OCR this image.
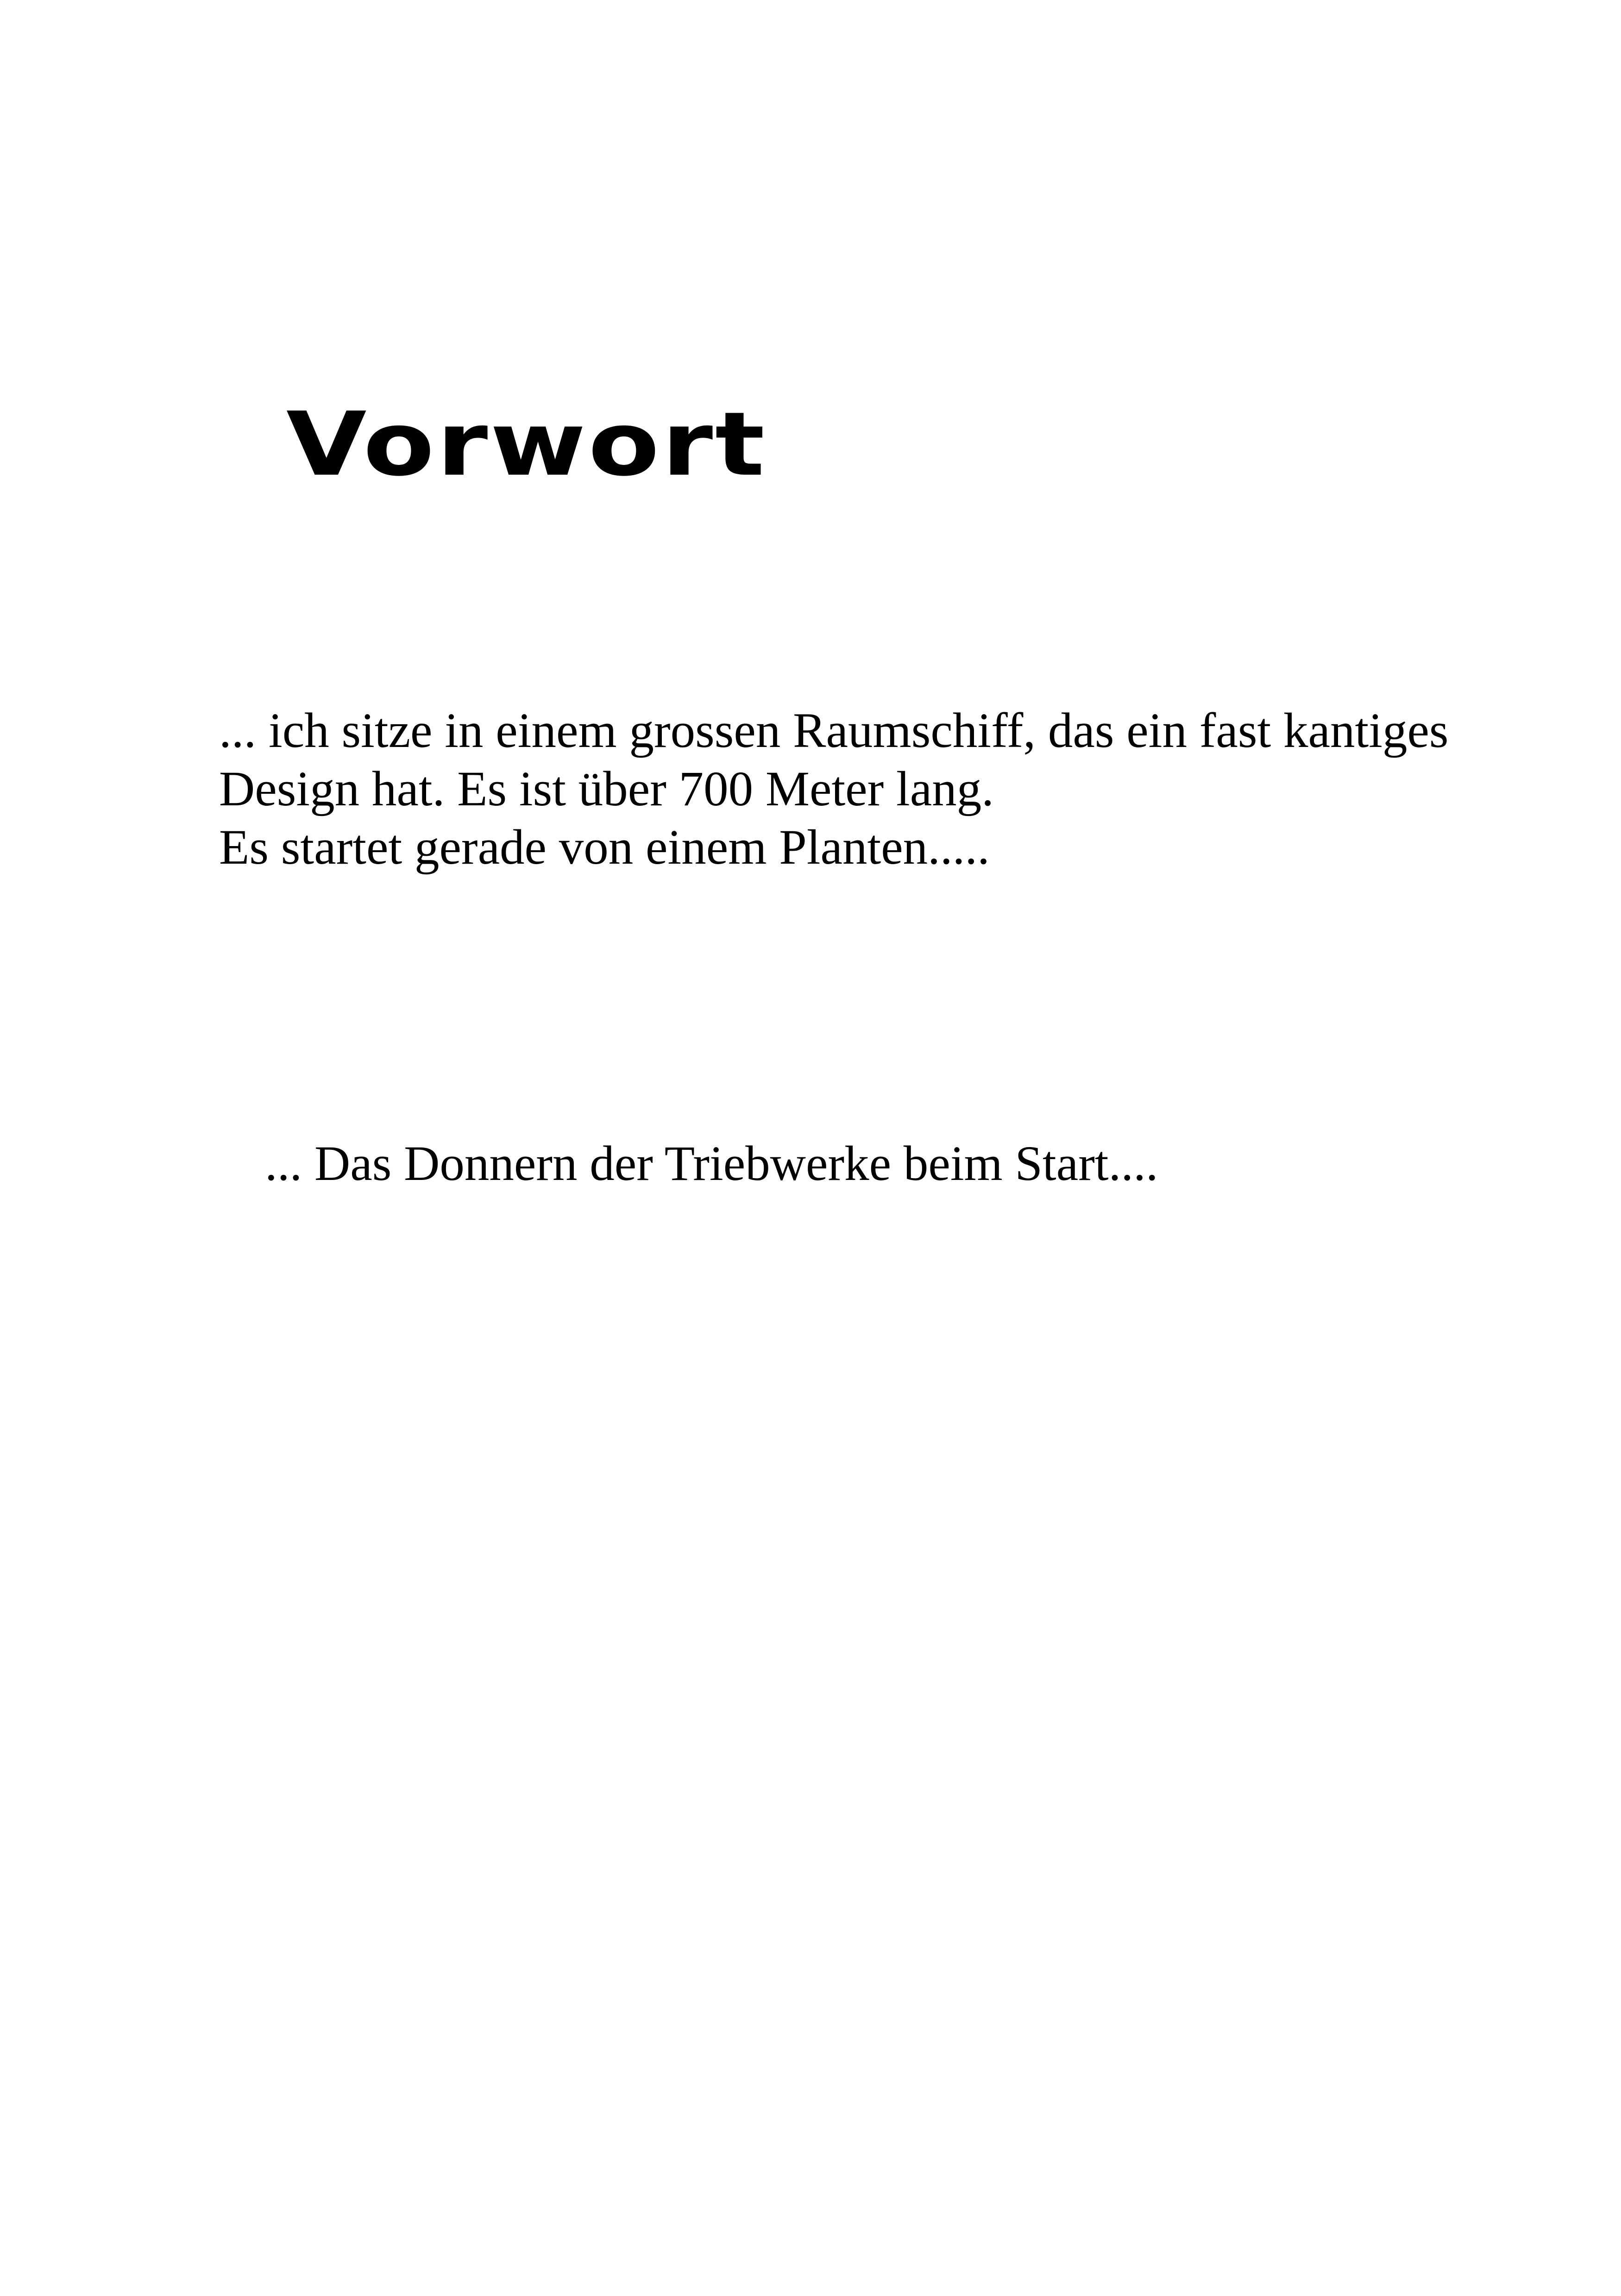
Vorwort

... ich sitze in einem grossen Raumschiff, das ein fast kantiges
Design hat. Es ist über 700 Meter lang.
Es startet gerade von einem Planten.....

... Das Donnern der Triebwerke beim Start....
